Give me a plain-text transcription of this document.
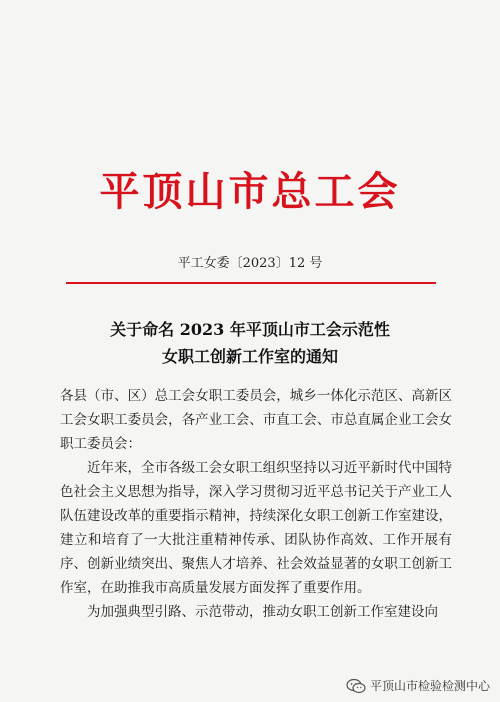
平顶山市总工会
平工女委〔2023〕12 号
关于命名 2023 年平顶山市工会示范性
女职工创新工作室的通知

各县（市、区）总工会女职工委员会，城乡一体化示范区、高新区工会女职工委员会，各产业工会、市直工会、市总直属企业工会女职工委员会：

近年来，全市各级工会女职工组织坚持以习近平新时代中国特色社会主义思想为指导，深入学习贯彻习近平总书记关于产业工人队伍建设改革的重要指示精神，持续深化女职工创新工作室建设，建立和培育了一大批注重精神传承、团队协作高效、工作开展有序、创新业绩突出、聚焦人才培养、社会效益显著的女职工创新工作室，在助推我市高质量发展方面发挥了重要作用。

为加强典型引路、示范带动，推动女职工创新工作室建设向

平顶山市检验检测中心
